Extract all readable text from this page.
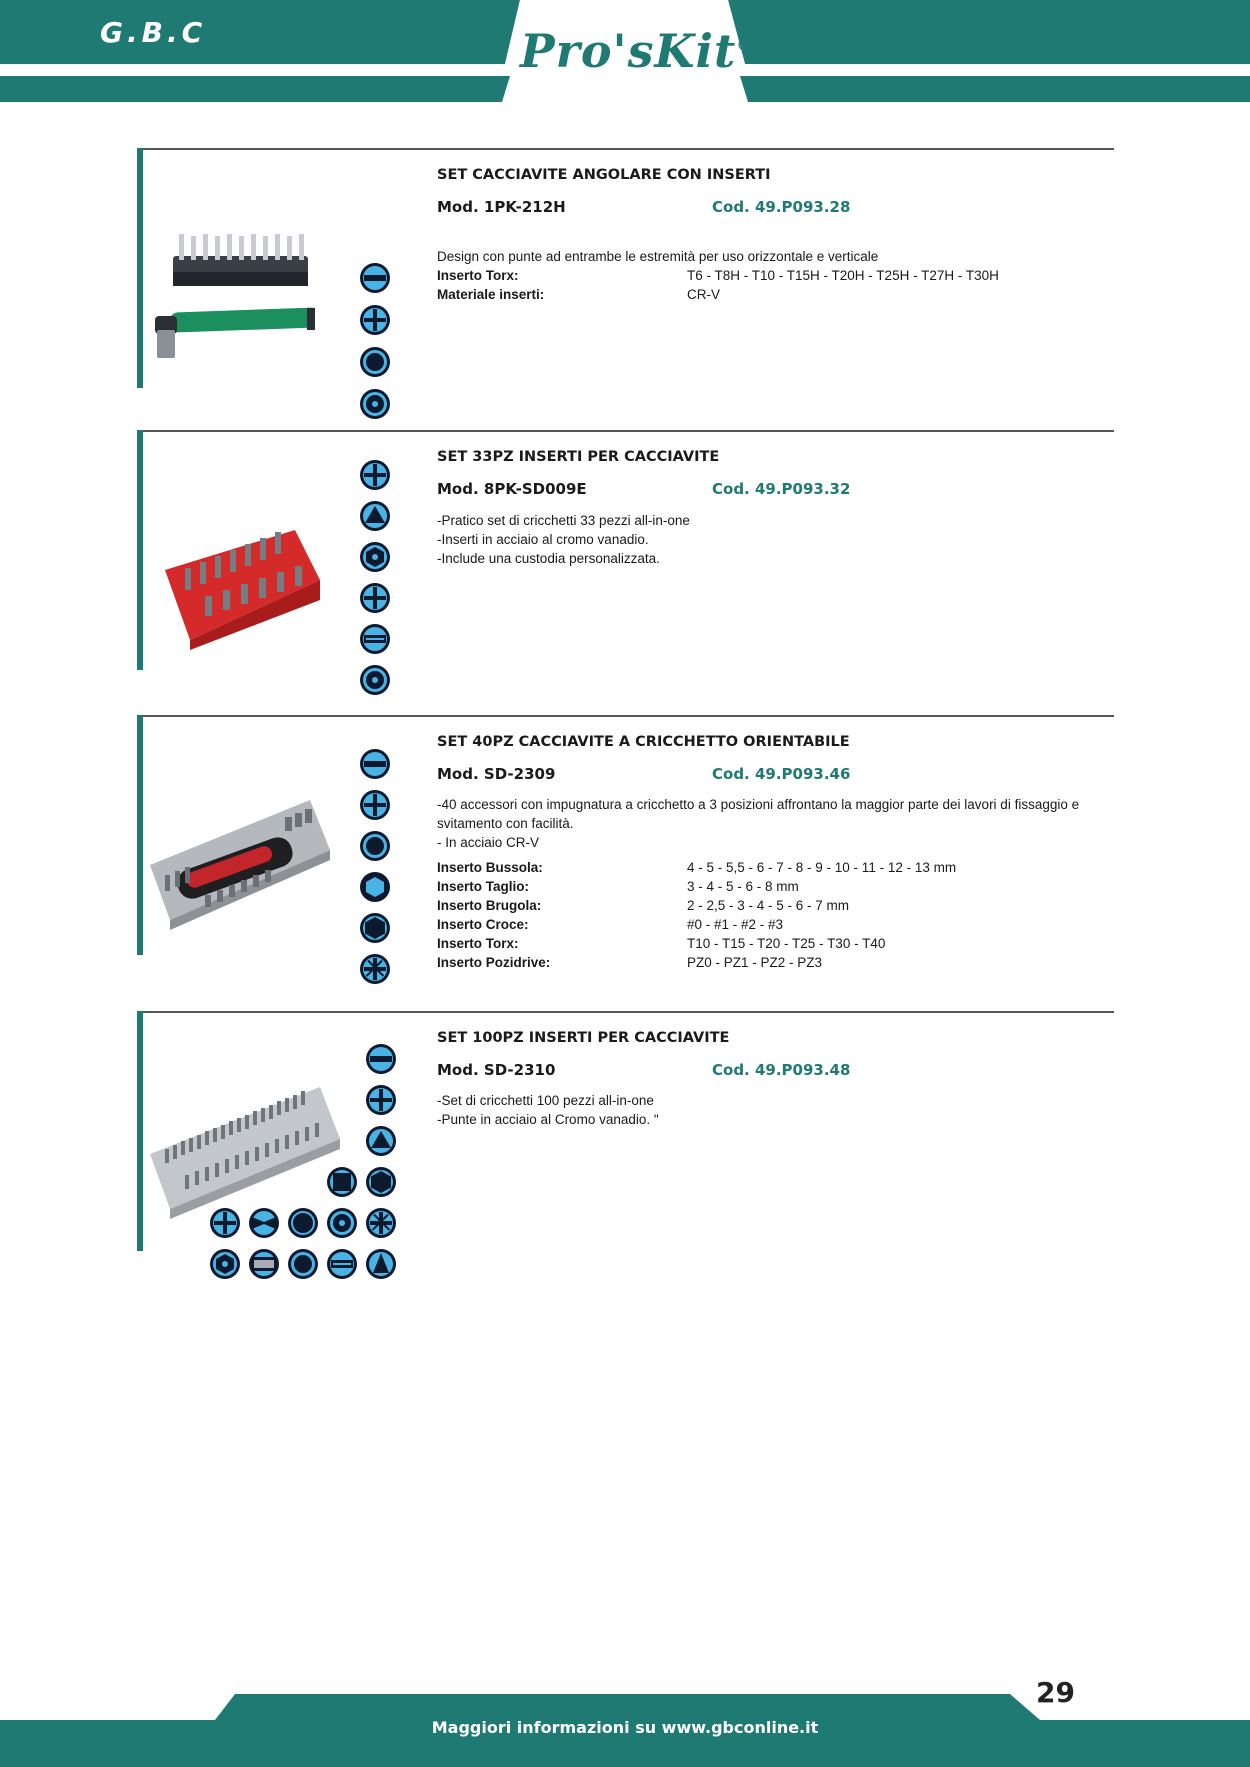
G.B.C	Pro'sKit®
SET CACCIAVITE ANGOLARE CON INSERTI
Mod. 1PK-212H	Cod. 49.P093.28
Design con punte ad entrambe le estremità per uso orizzontale e verticale
Inserto Torx:	T6 - T8H - T10 - T15H - T20H - T25H - T27H - T30H
Materiale inserti:	CR-V
SET 33PZ INSERTI PER CACCIAVITE
Mod. 8PK-SD009E	Cod. 49.P093.32
-Pratico set di cricchetti 33 pezzi all-in-one
-Inserti in acciaio al cromo vanadio.
-Include una custodia personalizzata.
SET 40PZ CACCIAVITE A CRICCHETTO ORIENTABILE
Mod. SD-2309	Cod. 49.P093.46
-40 accessori con impugnatura a cricchetto a 3 posizioni affrontano la maggior parte dei lavori di fissaggio e svitamento con facilità.
- In acciaio CR-V
Inserto Bussola:	4 - 5 - 5,5 - 6 - 7 - 8 - 9 - 10 - 11 - 12 - 13 mm
Inserto Taglio:	3 - 4 - 5 - 6 - 8 mm
Inserto Brugola:	2 - 2,5 - 3 - 4 - 5 - 6 - 7 mm
Inserto Croce:	#0 - #1 - #2 - #3
Inserto Torx:	T10 - T15 - T20 - T25 - T30 - T40
Inserto Pozidrive:	PZ0 - PZ1 - PZ2 - PZ3
SET 100PZ INSERTI PER CACCIAVITE
Mod. SD-2310	Cod. 49.P093.48
-Set di cricchetti 100 pezzi all-in-one
-Punte in acciaio al Cromo vanadio. "
Maggiori informazioni su www.gbconline.it
29
